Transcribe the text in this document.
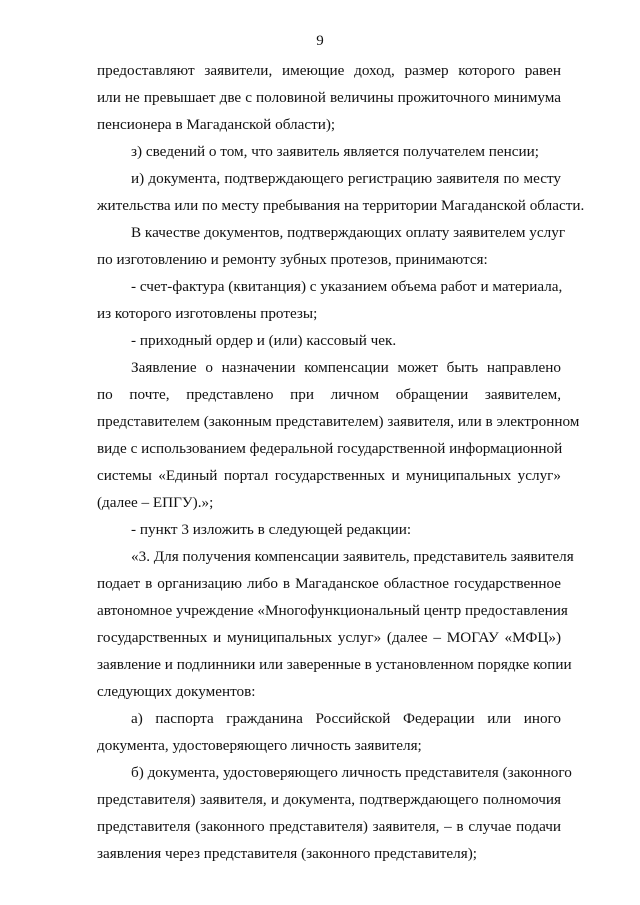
9
предоставляют заявители, имеющие доход, размер которого равен
или не превышает две с половиной величины прожиточного минимума
пенсионера в Магаданской области);
з) сведений о том, что заявитель является получателем пенсии;
и) документа, подтверждающего регистрацию заявителя по месту
жительства или по месту пребывания на территории Магаданской области.
В качестве документов, подтверждающих оплату заявителем услуг
по изготовлению и ремонту зубных протезов, принимаются:
- счет-фактура (квитанция) с указанием объема работ и материала,
из которого изготовлены протезы;
- приходный ордер и (или) кассовый чек.
Заявление о назначении компенсации может быть направлено
по почте, представлено при личном обращении заявителем,
представителем (законным представителем) заявителя, или в электронном
виде с использованием федеральной государственной информационной
системы «Единый портал государственных и муниципальных услуг»
(далее – ЕПГУ).»;
- пункт 3 изложить в следующей редакции:
«3. Для получения компенсации заявитель, представитель заявителя
подает в организацию либо в Магаданское областное государственное
автономное учреждение «Многофункциональный центр предоставления
государственных и муниципальных услуг» (далее – МОГАУ «МФЦ»)
заявление и подлинники или заверенные в установленном порядке копии
следующих документов:
а) паспорта гражданина Российской Федерации или иного
документа, удостоверяющего личность заявителя;
б) документа, удостоверяющего личность представителя (законного
представителя) заявителя, и документа, подтверждающего полномочия
представителя (законного представителя) заявителя, – в случае подачи
заявления через представителя (законного представителя);
